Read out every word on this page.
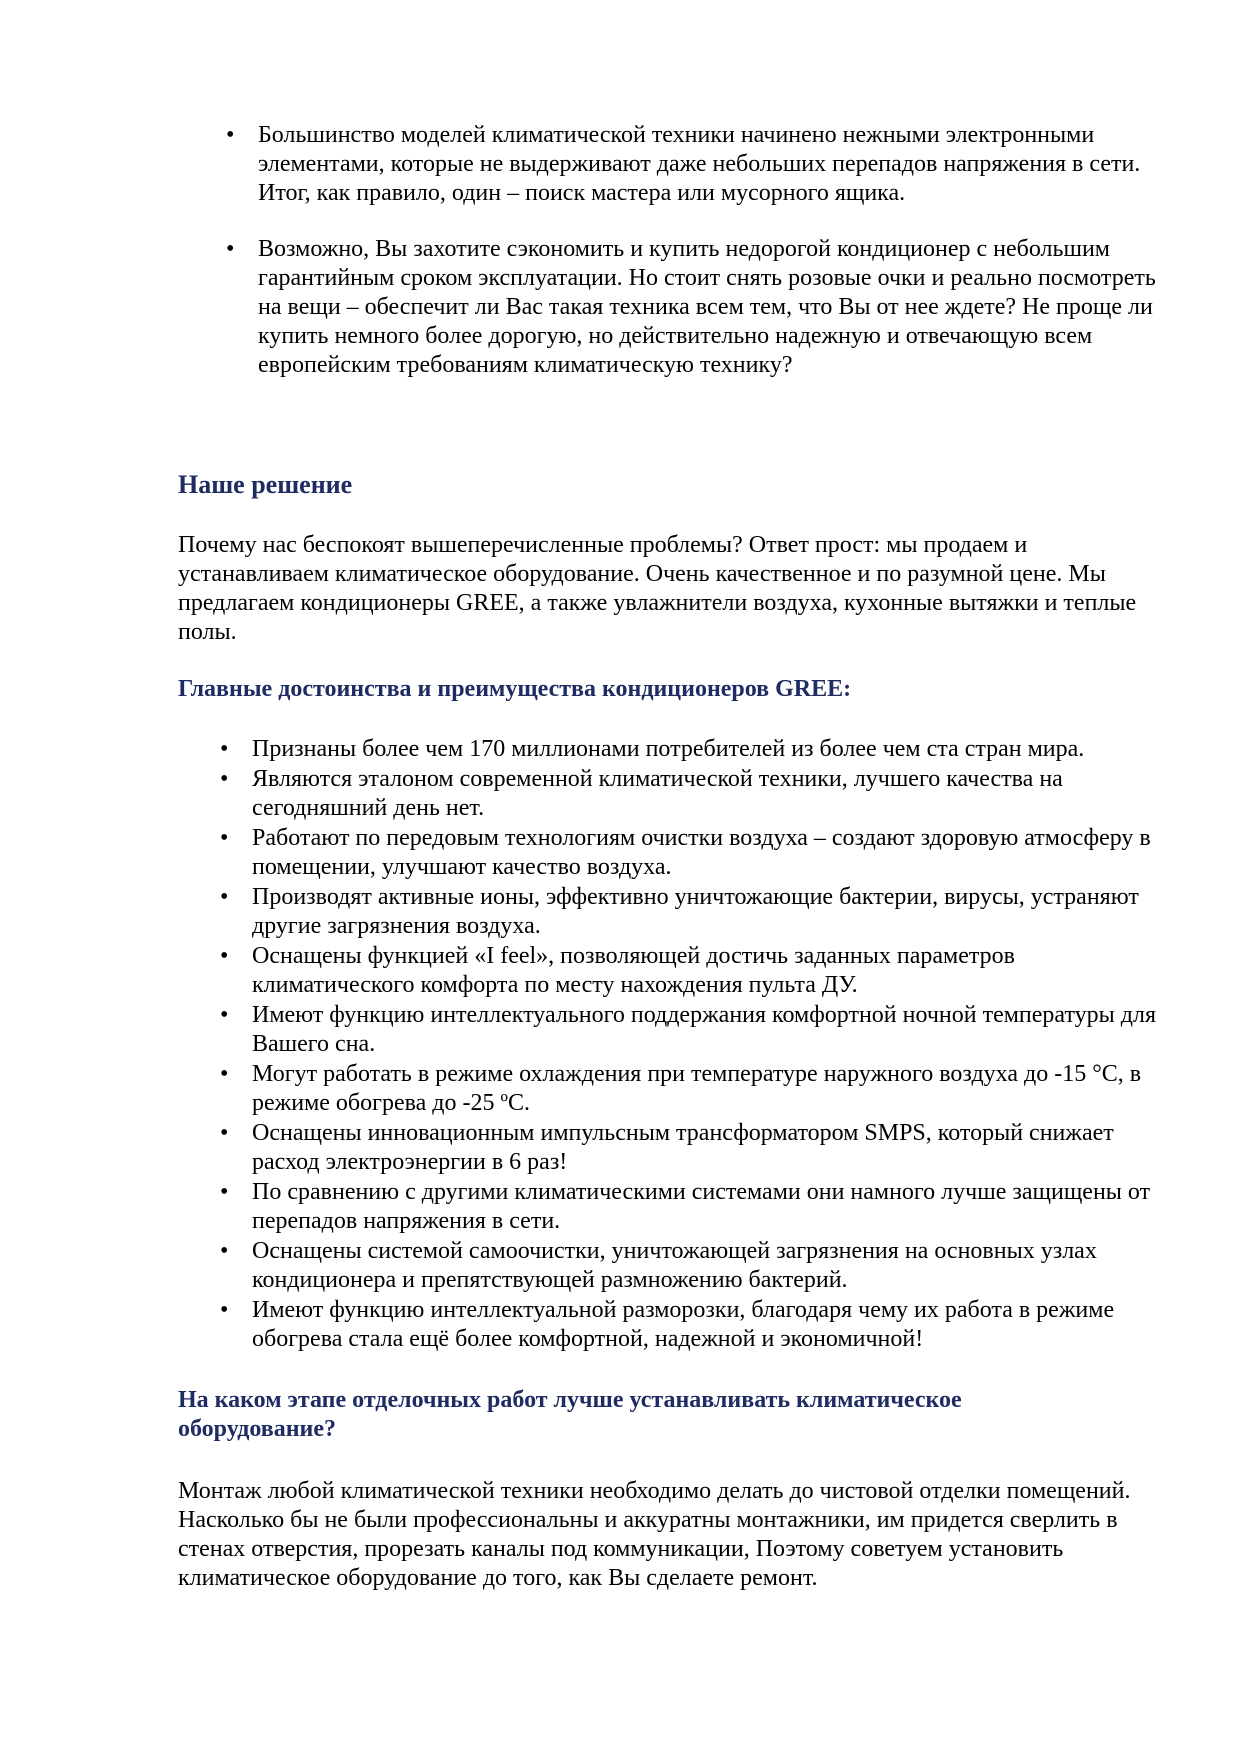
• Большинство моделей климатической техники начинено нежными электронными элементами, которые не выдерживают даже небольших перепадов напряжения в сети. Итог, как правило, один – поиск мастера или мусорного ящика.
• Возможно, Вы захотите сэкономить и купить недорогой кондиционер с небольшим гарантийным сроком эксплуатации. Но стоит снять розовые очки и реально посмотреть на вещи – обеспечит ли Вас такая техника всем тем, что Вы от нее ждете? Не проще ли купить немного более дорогую, но действительно надежную и отвечающую всем европейским требованиям климатическую технику?
Наше решение

Почему нас беспокоят вышеперечисленные проблемы? Ответ прост: мы продаем и устанавливаем климатическое оборудование. Очень качественное и по разумной цене. Мы предлагаем кондиционеры GREE, а также увлажнители воздуха, кухонные вытяжки и теплые полы.

Главные достоинства и преимущества кондиционеров GREE:
• Признаны более чем 170 миллионами потребителей из более чем ста стран мира.
• Являются эталоном современной климатической техники, лучшего качества на сегодняшний день нет.
• Работают по передовым технологиям очистки воздуха – создают здоровую атмосферу в помещении, улучшают качество воздуха.
• Производят активные ионы, эффективно уничтожающие бактерии, вирусы, устраняют другие загрязнения воздуха.
• Оснащены функцией «I feel», позволяющей достичь заданных параметров климатического комфорта по месту нахождения пульта ДУ.
• Имеют функцию интеллектуального поддержания комфортной ночной температуры для Вашего сна.
• Могут работать в режиме охлаждения при температуре наружного воздуха до -15 °С, в режиме обогрева до -25 ºС.
• Оснащены инновационным импульсным трансформатором SMPS, который снижает расход электроэнергии в 6 раз!
• По сравнению с другими климатическими системами они намного лучше защищены от перепадов напряжения в сети.
• Оснащены системой самоочистки, уничтожающей загрязнения на основных узлах кондиционера и препятствующей размножению бактерий.
• Имеют функцию интеллектуальной разморозки, благодаря чему их работа в режиме обогрева стала ещё более комфортной, надежной и экономичной!
На каком этапе отделочных работ лучше устанавливать климатическое оборудование?

Монтаж любой климатической техники необходимо делать до чистовой отделки помещений. Насколько бы не были профессиональны и аккуратны монтажники, им придется сверлить в стенах отверстия, прорезать каналы под коммуникации, Поэтому советуем установить климатическое оборудование до того, как Вы сделаете ремонт.
